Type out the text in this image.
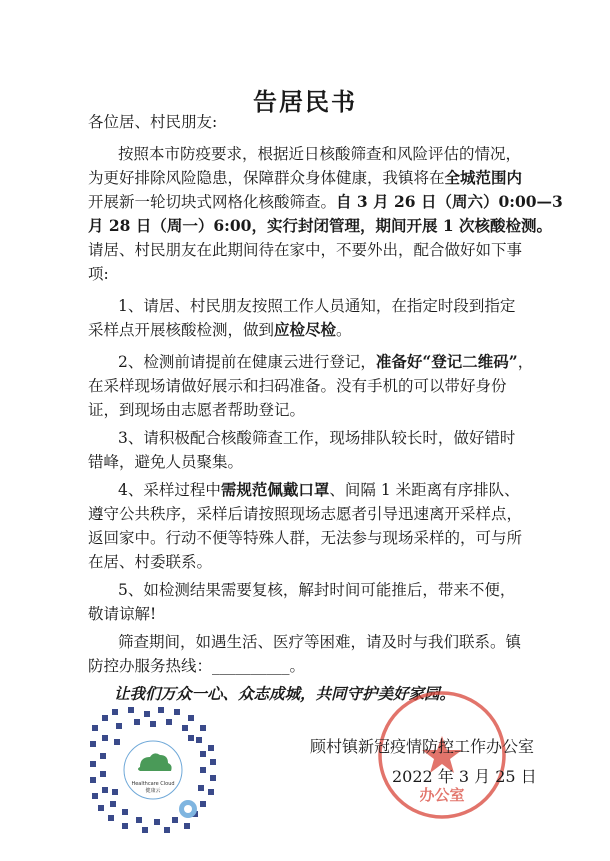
告居民书
各位居、村民朋友:
按照本市防疫要求，根据近日核酸筛查和风险评估的情况，
为更好排除风险隐患，保障群众身体健康，我镇将在全城范围内
开展新一轮切块式网格化核酸筛查。自 3 月 26 日（周六）0:00—3
月 28 日（周一）6:00，实行封闭管理，期间开展 1 次核酸检测。
请居、村民朋友在此期间待在家中，不要外出，配合做好如下事
项:
1、请居、村民朋友按照工作人员通知，在指定时段到指定
采样点开展核酸检测，做到应检尽检。
2、检测前请提前在健康云进行登记，准备好“登记二维码”，
在采样现场请做好展示和扫码准备。没有手机的可以带好身份
证，到现场由志愿者帮助登记。
3、请积极配合核酸筛查工作，现场排队较长时，做好错时
错峰，避免人员聚集。
4、采样过程中需规范佩戴口罩、间隔 1 米距离有序排队、
遵守公共秩序，采样后请按照现场志愿者引导迅速离开采样点，
返回家中。行动不便等特殊人群，无法参与现场采样的，可与所
在居、村委联系。
5、如检测结果需要复核，解封时间可能推后，带来不便，
敬请谅解!
筛查期间，如遇生活、医疗等困难，请及时与我们联系。镇
防控办服务热线：__________。
让我们万众一心、众志成城，共同守护美好家园。
Healthcare Cloud
健康云	办公室
顾村镇新冠疫情防控工作办公室
2022 年 3 月 25 日
